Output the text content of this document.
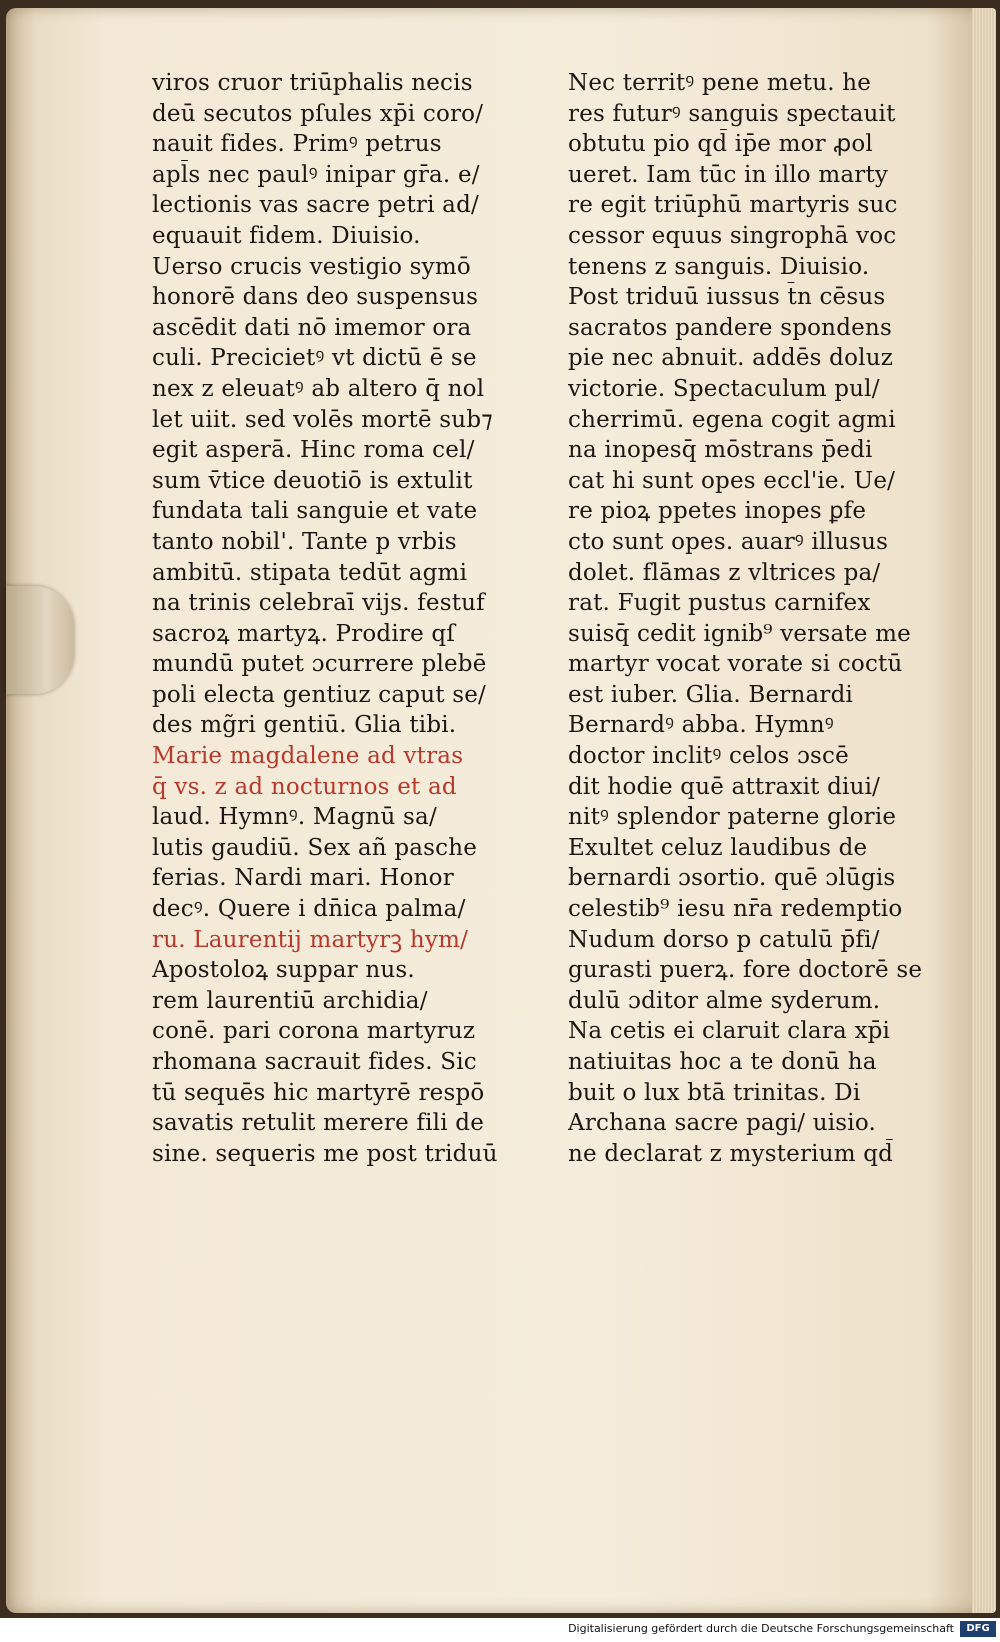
viros cruor triūphalis necis
deū secutos pſules xp̄i coro/
nauit fides. Primꝰ petrus
apl̄s nec paulꝰ inipar gr̄a. e/
lectionis vas sacre petri ad/
equauit fidem. Diuisio.
Uerso crucis vestigio symō
honorē dans deo suspensus
ascēdit dati nō imemor ora
culi. Precicietꝰ vt dictū ē se
nex z eleuatꝰ ab altero q̄ nol
let uiit. sed volēs mortē sub⁊
egit asperā. Hinc roma cel/
sum v̄tice deuotiō is extulit
fundata tali sanguie et vate
tanto nobil'. Tante p vrbis
ambitū. stipata tedūt agmi
na trinis celebraī vijs. festuf
sacroꝝ martyꝝ. Prodire qſ
mundū putet ɔcurrere plebē
poli electa gentiuz caput se/
des mg̃ri gentiū. Glia tibi.
Marie magdalene ad vtras
q̄ vs. z ad nocturnos et ad
laud. Hymnꝰ. Magnū sa/
lutis gaudiū. Sex añ pasche
ferias. Nardi mari. Honor
decꝰ. Quere i dn̄ica palma/
ru. Laurentij martyrꝫ hym/
Apostoloꝝ suppar nus.
rem laurentiū archidia/
conē. pari corona martyruz
rhomana sacrauit fides. Sic
tū sequēs hic martyrē respō
savatis retulit merere fili de
sine. sequeris me post triduū
Nec territꝰ pene metu. he
res futurꝰ sanguis spectauit
obtutu pio qd̄ ip̄e mor ꝓol
ueret. Iam tūc in illo marty
re egit triūphū martyris suc
cessor equus singrophā voc
tenens z sanguis. Diuisio.
Post triduū iussus t̄n cēsus
sacratos pandere spondens
pie nec abnuit. addēs doluz
victorie. Spectaculum pul/
cherrimū. egena cogit agmi
na inopesq̄ mōstrans p̄edi
cat hi sunt opes eccl'ie. Ue/
re pioꝝ ppetes inopes ꝑfe
cto sunt opes. auarꝰ illusus
dolet. flāmas z vltrices pa/
rat. Fugit pustus carnifex
suisq̄ cedit ignib⁹ versate me
martyr vocat vorate si coctū
est iuber. Glia. Bernardi
Bernardꝰ abba. Hymnꝰ
doctor inclitꝰ celos ɔscē
dit hodie quē attraxit diui/
nitꝰ splendor paterne glorie
Exultet celuz laudibus de
bernardi ɔsortio. quē ɔlūgis
celestib⁹ iesu nr̄a redemptio
Nudum dorso p catulū p̄fi/
gurasti puerꝝ. fore doctorē se
dulū ɔditor alme syderum.
Na cetis ei claruit clara xp̄i
natiuitas hoc a te donū ha
buit o lux btā trinitas. Di
Archana sacre pagi/ uisio.
ne declarat z mysterium qd̄
Digitalisierung gefördert durch die Deutsche Forschungsgemeinschaft	DFG
